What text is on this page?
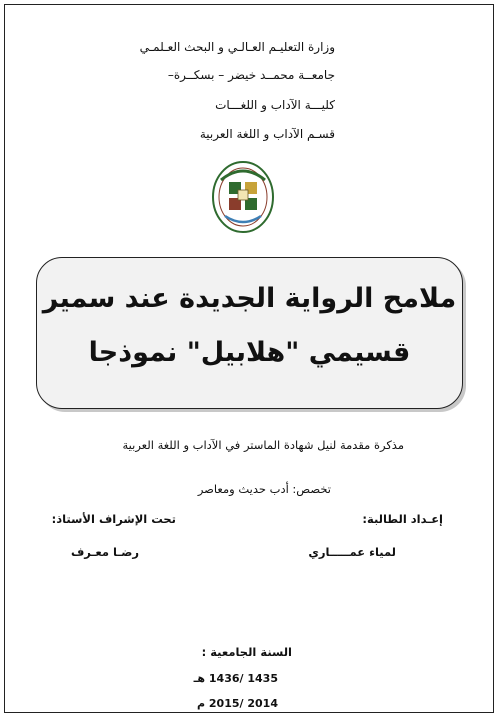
وزارة التعليـم العـالـي و البحث العـلمـي
جامعــة محمــد خيضر – بسكــرة–
كليـــة الآداب و اللغـــات
قسـم الآداب و اللغة العربية
ملامح الرواية الجديدة عند سمير
قسيمي "هلابيل" نموذجا
مذكرة مقدمة لنيل شهادة الماستر في الآداب و اللغة العربية
تخصص: أدب حديث ومعاصر
إعـداد الطالبة:
تحت الإشراف الأستاذ:
لمياء عمـــــاري
رضـا معـرف
السنة الجامعية :
1435 /1436 هـ
2014 /2015 م
